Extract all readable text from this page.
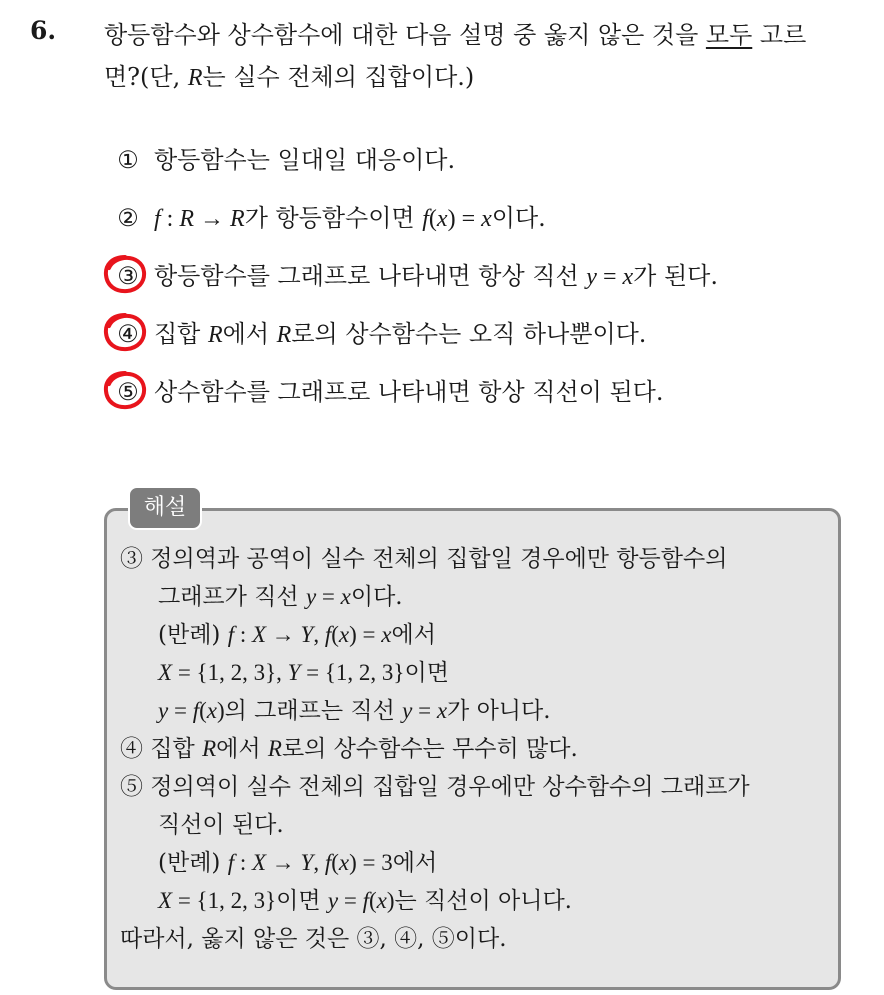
6. 항등함수와 상수함수에 대한 다음 설명 중 옳지 않은 것을 모두 고르
면?(단, R는 실수 전체의 집합이다.)
① 항등함수는 일대일 대응이다.
② f : R → R가 항등함수이면 f(x) = x이다.
③ 항등함수를 그래프로 나타내면 항상 직선 y = x가 된다.
④ 집합 R에서 R로의 상수함수는 오직 하나뿐이다.
⑤ 상수함수를 그래프로 나타내면 항상 직선이 된다.
해설
③ 정의역과 공역이 실수 전체의 집합일 경우에만 항등함수의
그래프가 직선 y = x이다.
(반례) f : X → Y, f(x) = x에서
X = {1, 2, 3}, Y = {1, 2, 3}이면
y = f(x)의 그래프는 직선 y = x가 아니다.
④ 집합 R에서 R로의 상수함수는 무수히 많다.
⑤ 정의역이 실수 전체의 집합일 경우에만 상수함수의 그래프가
직선이 된다.
(반례) f : X → Y, f(x) = 3에서
X = {1, 2, 3}이면 y = f(x)는 직선이 아니다.
따라서, 옳지 않은 것은 ③, ④, ⑤이다.
